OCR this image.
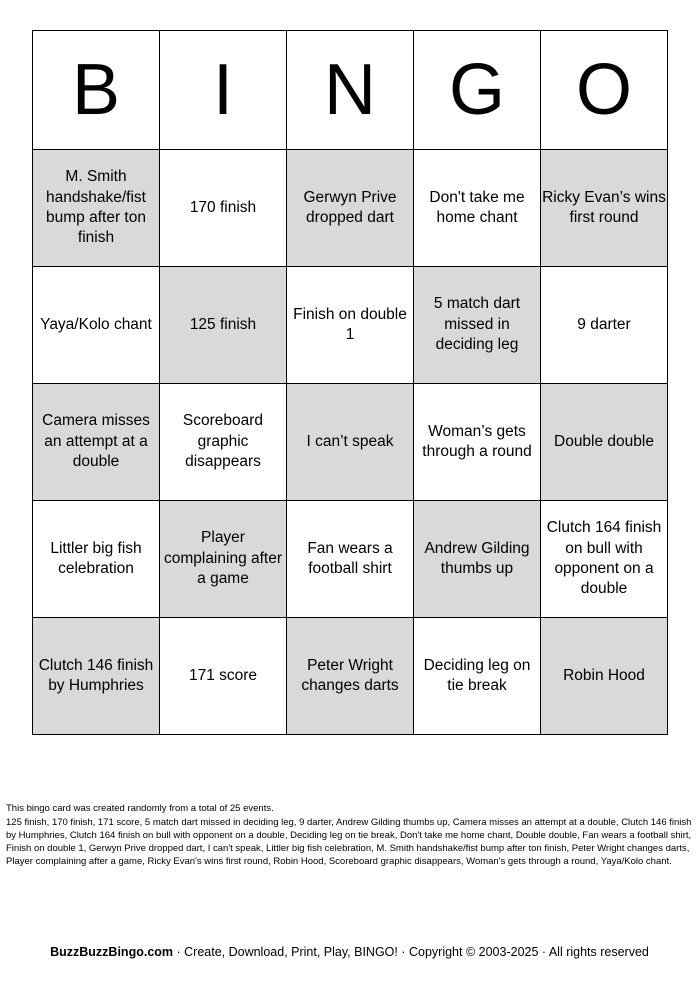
B	I	N	G	O
M. Smith handshake/fist bump after ton finish	170 finish	Gerwyn Prive dropped dart	Don't take me home chant	Ricky Evan’s wins first round
Yaya/Kolo chant	125 finish	Finish on double 1	5 match dart missed in deciding leg	9 darter
Camera misses an attempt at a double	Scoreboard graphic disappears	I can’t speak	Woman’s gets through a round	Double double
Littler big fish celebration	Player complaining after a game	Fan wears a football shirt	Andrew Gilding thumbs up	Clutch 164 finish on bull with opponent on a double
Clutch 146 finish by Humphries	171 score	Peter Wright changes darts	Deciding leg on tie break	Robin Hood
This bingo card was created randomly from a total of 25 events.
125 finish, 170 finish, 171 score, 5 match dart missed in deciding leg, 9 darter, Andrew Gilding thumbs up, Camera misses an attempt at a double, Clutch 146 finish by Humphries, Clutch 164 finish on bull with opponent on a double, Deciding leg on tie break, Don't take me home chant, Double double, Fan wears a football shirt, Finish on double 1, Gerwyn Prive dropped dart, I can't speak, Littler big fish celebration, M. Smith handshake/fist bump after ton finish, Peter Wright changes darts, Player complaining after a game, Ricky Evan's wins first round, Robin Hood, Scoreboard graphic disappears, Woman's gets through a round, Yaya/Kolo chant.
BuzzBuzzBingo.com · Create, Download, Print, Play, BINGO! · Copyright © 2003-2025 · All rights reserved
